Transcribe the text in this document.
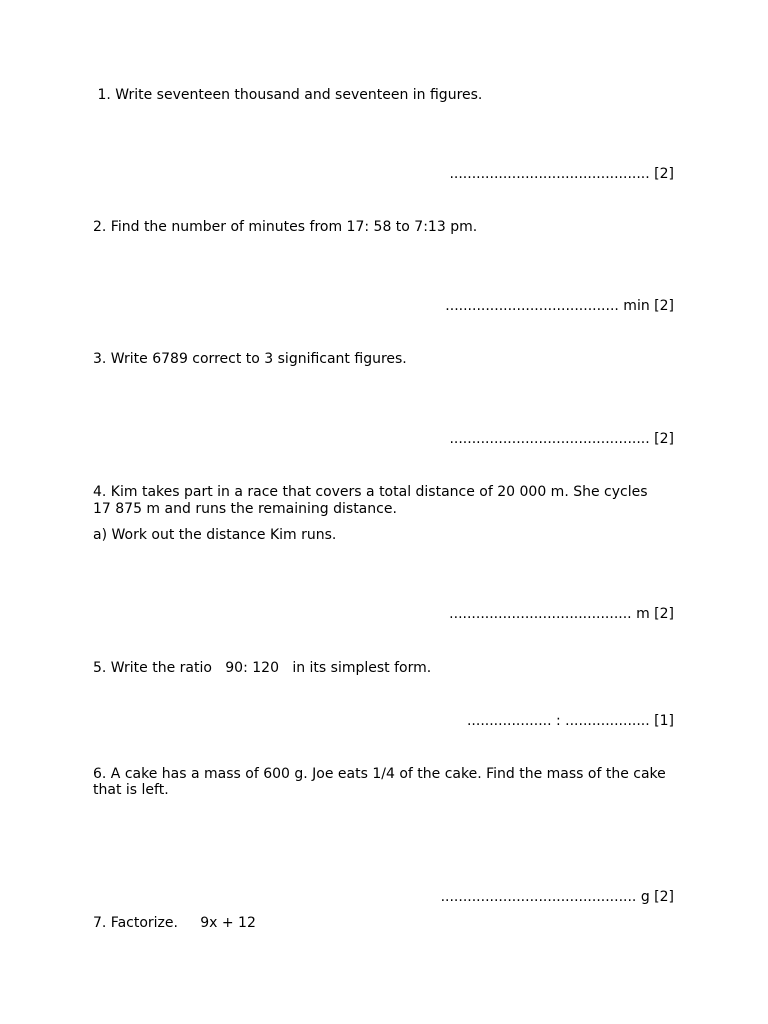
1. Write seventeen thousand and seventeen in figures.

............................................. [2]

2. Find the number of minutes from 17: 58 to 7:13 pm.

....................................... min [2]

3. Write 6789 correct to 3 significant figures.

............................................. [2]

4. Kim takes part in a race that covers a total distance of 20 000 m. She cycles

17 875 m and runs the remaining distance.

a) Work out the distance Kim runs.

......................................... m [2]

5. Write the ratio   90: 120   in its simplest form.

................... : ................... [1]

6. A cake has a mass of 600 g. Joe eats 1/4 of the cake. Find the mass of the cake

that is left.

............................................ g [2]

7. Factorize.     9x + 12
